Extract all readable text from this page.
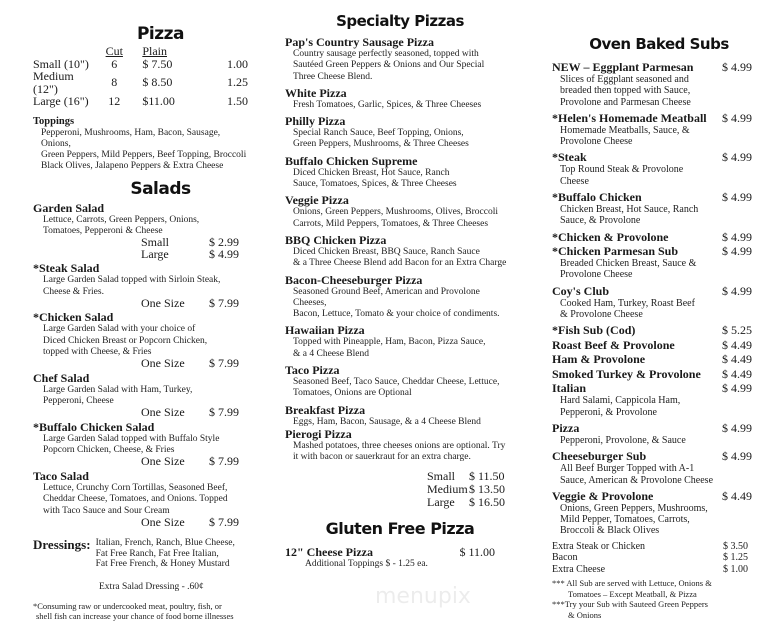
Pizza
	Cut	Plain	
Small (10")	6	$ 7.50	1.00
Medium (12")	8	$ 8.50	1.25
Large (16")	12	$11.00	1.50
Toppings
Pepperoni, Mushrooms, Ham, Bacon, Sausage, Onions,
Green Peppers, Mild Peppers, Beef Topping, Broccoli
Black Olives, Jalapeno Peppers & Extra Cheese
Salads
Garden Salad
Lettuce, Carrots, Green Peppers, Onions,
Tomatoes, Pepperoni & Cheese
Small	$ 2.99
Large	$ 4.99
*Steak Salad
Large Garden Salad topped with Sirloin Steak,
Cheese & Fries.
One Size	$ 7.99
*Chicken Salad
Large Garden Salad with your choice of
Diced Chicken Breast or Popcorn Chicken,
topped with Cheese, & Fries
One Size	$ 7.99
Chef Salad
Large Garden Salad with Ham, Turkey,
Pepperoni, Cheese
One Size	$ 7.99
*Buffalo Chicken Salad
Large Garden Salad topped with Buffalo Style
Popcorn Chicken, Cheese, & Fries
One Size	$ 7.99
Taco Salad
Lettuce, Crunchy Corn Tortillas, Seasoned Beef,
Cheddar Cheese, Tomatoes, and Onions. Topped
with Taco Sauce and Sour Cream
One Size	$ 7.99
Dressings: Italian, French, Ranch, Blue Cheese,
Fat Free Ranch, Fat Free Italian,
Fat Free French, & Honey Mustard
Extra Salad Dressing - .60¢
*Consuming raw or undercooked meat, poultry, fish, or
shell fish can increase your chance of food borne illnesses
Specialty Pizzas
Pap's Country Sausage Pizza
Country sausage perfectly seasoned, topped with
Sautéed Green Peppers & Onions and Our Special
Three Cheese Blend.
White Pizza
Fresh Tomatoes, Garlic, Spices, & Three Cheeses
Philly Pizza
Special Ranch Sauce, Beef Topping, Onions,
Green Peppers, Mushrooms, & Three Cheeses
Buffalo Chicken Supreme
Diced Chicken Breast, Hot Sauce, Ranch
Sauce, Tomatoes, Spices, & Three Cheeses
Veggie Pizza
Onions, Green Peppers, Mushrooms, Olives, Broccoli
Carrots, Mild Peppers, Tomatoes, & Three Cheeses
BBQ Chicken Pizza
Diced Chicken Breast, BBQ Sauce, Ranch Sauce
& a Three Cheese Blend add Bacon for an Extra Charge
Bacon-Cheeseburger Pizza
Seasoned Ground Beef, American and Provolone Cheeses,
Bacon, Lettuce, Tomato & your choice of condiments.
Hawaiian Pizza
Topped with Pineapple, Ham, Bacon, Pizza Sauce,
& a 4 Cheese Blend
Taco Pizza
Seasoned Beef, Taco Sauce, Cheddar Cheese, Lettuce,
Tomatoes, Onions are Optional
Breakfast Pizza
Eggs, Ham, Bacon, Sausage, & a 4 Cheese Blend
Pierogi Pizza
Mashed potatoes, three cheeses onions are optional. Try
it with bacon or sauerkraut for an extra charge.
Small	$ 11.50
Medium $ 13.50
Large	$ 16.50
Gluten Free Pizza
12" Cheese Pizza	$ 11.00
Additional Toppings $ - 1.25 ea.
menupix
Oven Baked Subs
NEW – Eggplant Parmesan $ 4.99
Slices of Eggplant seasoned and
breaded then topped with Sauce,
Provolone and Parmesan Cheese
*Helen's Homemade Meatball $ 4.99
Homemade Meatballs, Sauce, &
Provolone Cheese
*Steak	$ 4.99
Top Round Steak & Provolone
Cheese
*Buffalo Chicken	$ 4.99
Chicken Breast, Hot Sauce, Ranch
Sauce, & Provolone
*Chicken & Provolone	$ 4.99
*Chicken Parmesan Sub	$ 4.99
Breaded Chicken Breast, Sauce &
Provolone Cheese
Coy's Club	$ 4.99
Cooked Ham, Turkey, Roast Beef
& Provolone Cheese
*Fish Sub (Cod)	$ 5.25
Roast Beef & Provolone	$ 4.49
Ham & Provolone	$ 4.49
Smoked Turkey & Provolone $ 4.49
Italian	$ 4.99
Hard Salami, Cappicola Ham,
Pepperoni, & Provolone
Pizza	$ 4.99
Pepperoni, Provolone, & Sauce
Cheeseburger Sub	$ 4.99
All Beef Burger Topped with A-1
Sauce, American & Provolone Cheese
Veggie & Provolone	$ 4.49
Onions, Green Peppers, Mushrooms,
Mild Pepper, Tomatoes, Carrots,
Broccoli & Black Olives
Extra Steak or Chicken	$ 3.50
Bacon	$ 1.25
Extra Cheese	$ 1.00
*** All Sub are served with Lettuce, Onions &
Tomatoes – Except Meatball, & Pizza
***Try your Sub with Sauteed Green Peppers
& Onions
